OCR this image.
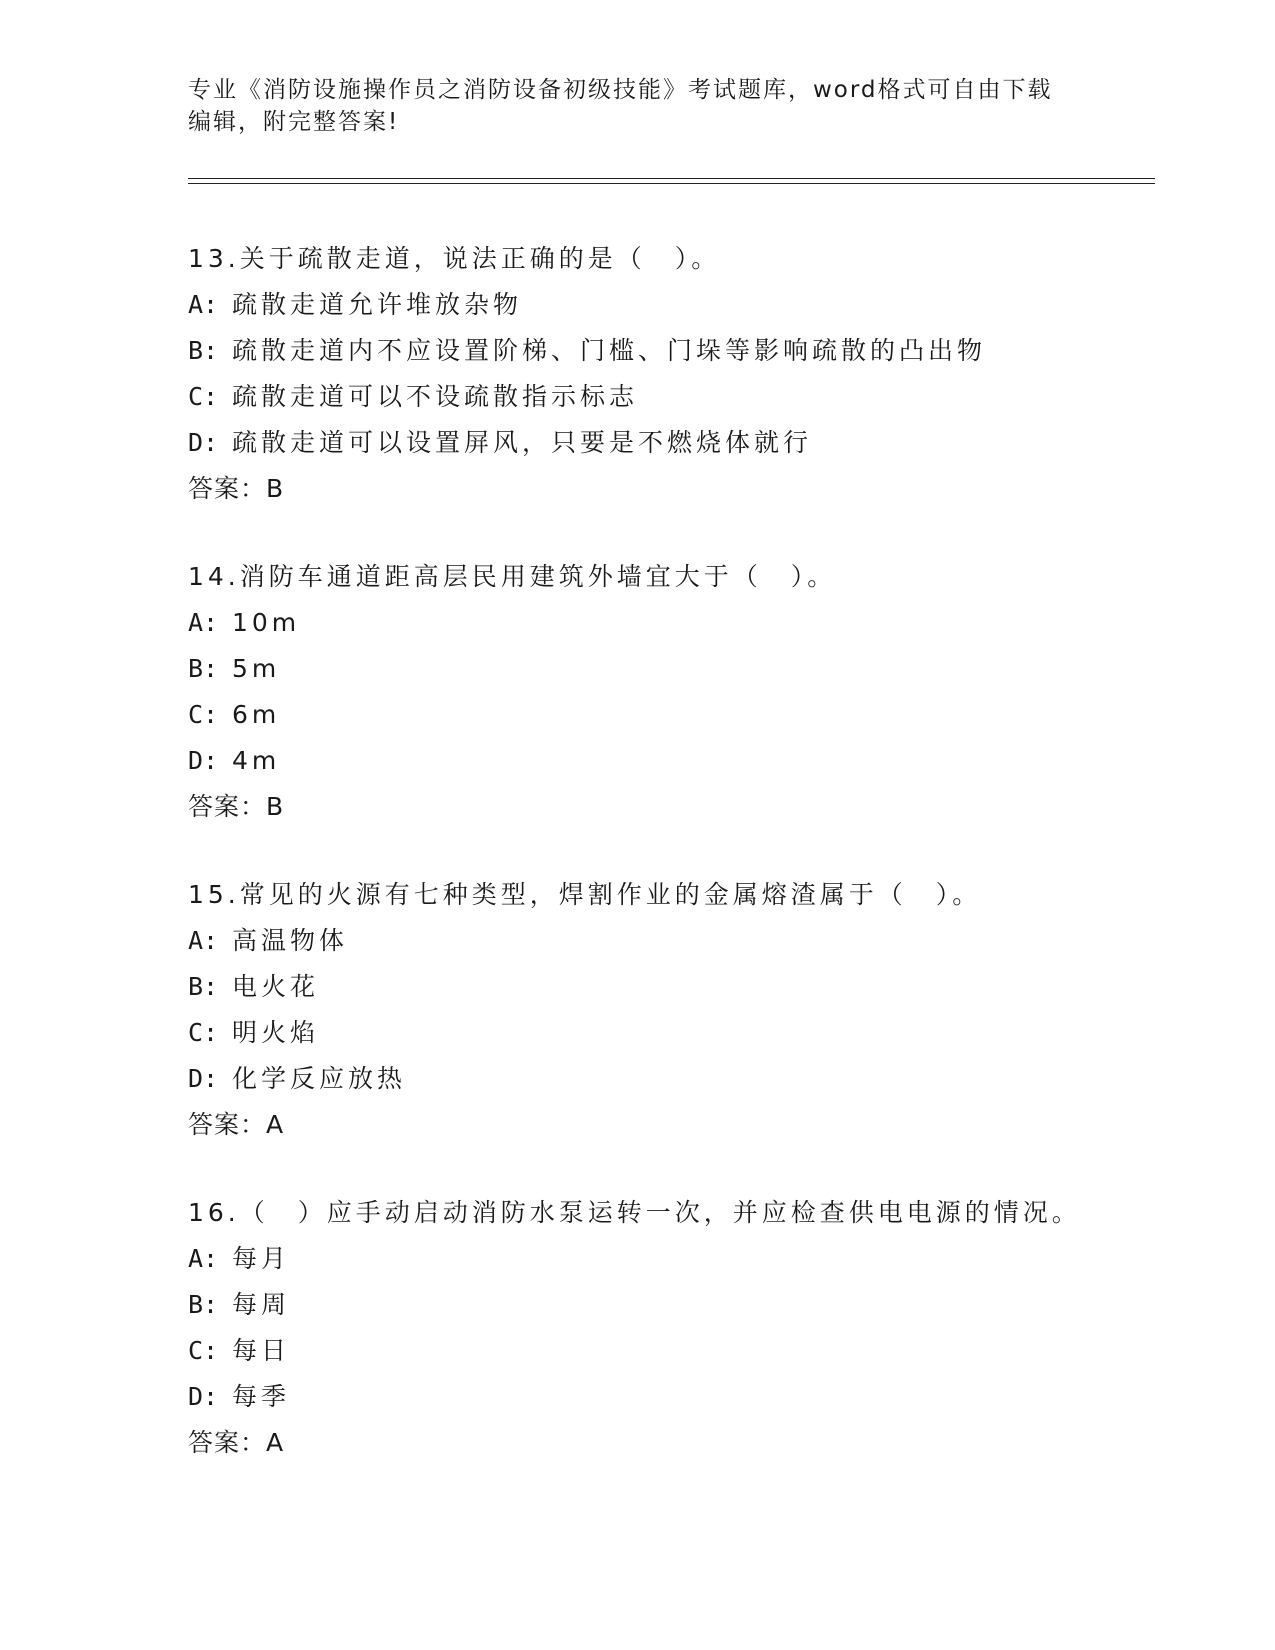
专业《消防设施操作员之消防设备初级技能》考试题库，word格式可自由下载编辑，附完整答案!
13.关于疏散走道，说法正确的是（　）。
A: 疏散走道允许堆放杂物
B: 疏散走道内不应设置阶梯、门槛、门垛等影响疏散的凸出物
C: 疏散走道可以不设疏散指示标志
D: 疏散走道可以设置屏风，只要是不燃烧体就行
答案：B
14.消防车通道距高层民用建筑外墙宜大于（　）。
A: 10m
B: 5m
C: 6m
D: 4m
答案：B
15.常见的火源有七种类型，焊割作业的金属熔渣属于（　）。
A: 高温物体
B: 电火花
C: 明火焰
D: 化学反应放热
答案：A
16.（　）应手动启动消防水泵运转一次，并应检查供电电源的情况。
A: 每月
B: 每周
C: 每日
D: 每季
答案：A
